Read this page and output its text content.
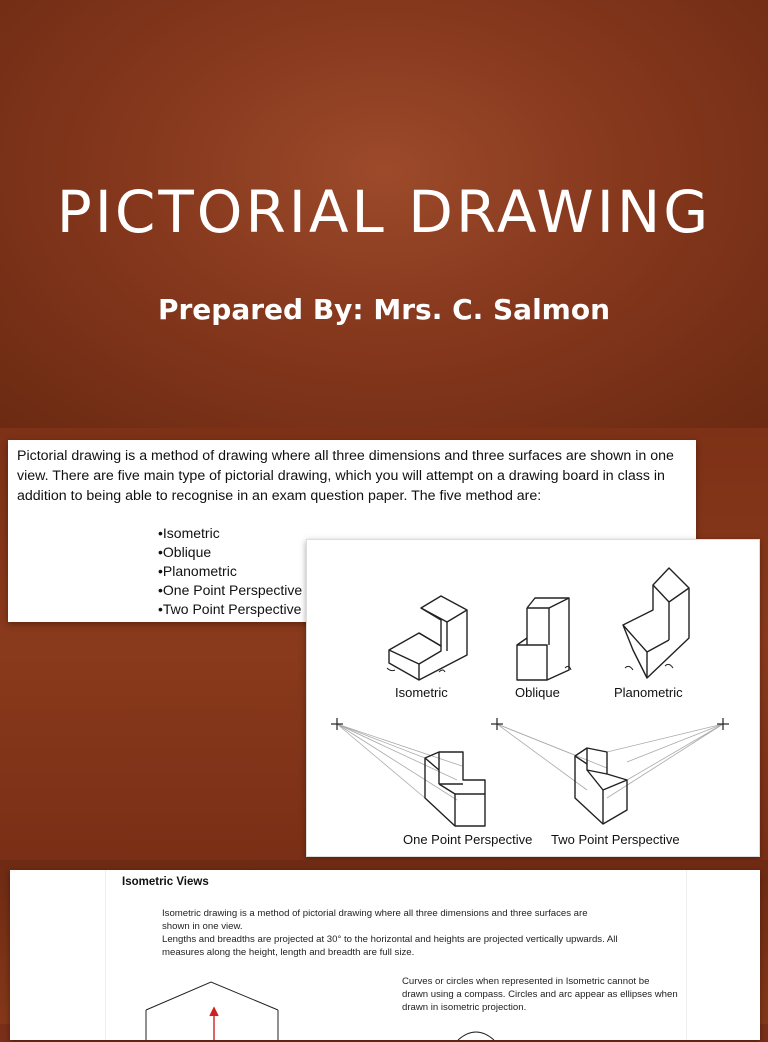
PICTORIAL DRAWING
Prepared By: Mrs. C. Salmon

Pictorial drawing is a method of drawing where all three dimensions and three surfaces are shown in one view. There are five main type of pictorial drawing, which you will attempt on a drawing board in class in addition to being able to recognise in an exam question paper. The five method are:

•Isometric
•Oblique
•Planometric
•One Point Perspective
•Two Point Perspective
Isometric	Oblique	Planometric
One Point Perspective Two Point Perspective
Isometric Views

Isometric drawing is a method of pictorial drawing where all three dimensions and three surfaces are

shown in one view.

Lengths and breadths are projected at 30° to the horizontal and heights are projected vertically upwards. All

measures along the height, length and breadth are full size.

Curves or circles when represented in Isometric cannot be

drawn using a compass. Circles and arc appear as ellipses when

drawn in isometric projection.
